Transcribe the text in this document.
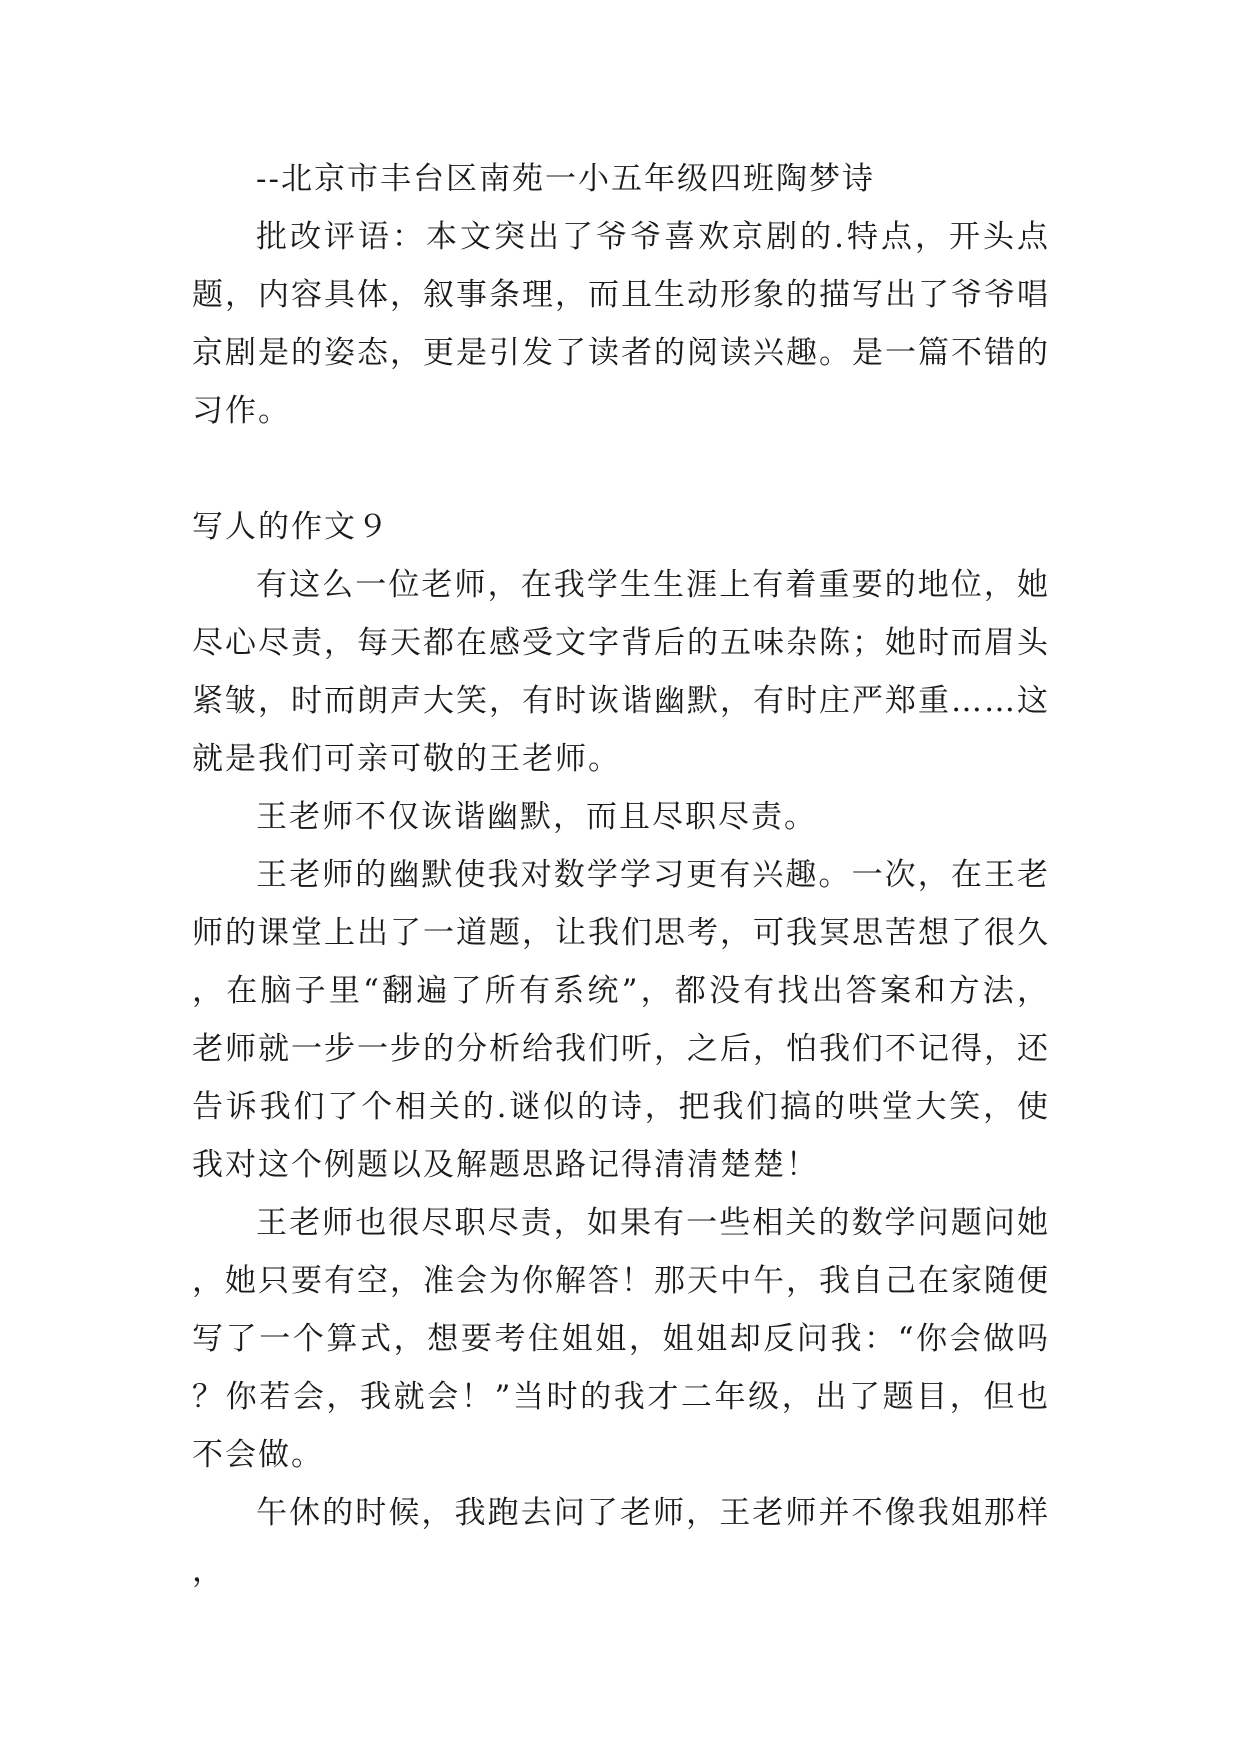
--北京市丰台区南苑一小五年级四班陶梦诗

批改评语：本文突出了爷爷喜欢京剧的.特点，开头点题，内容具体，叙事条理，而且生动形象的描写出了爷爷唱京剧是的姿态，更是引发了读者的阅读兴趣。是一篇不错的习作。

写人的作文９

有这么一位老师，在我学生生涯上有着重要的地位，她尽心尽责，每天都在感受文字背后的五味杂陈；她时而眉头紧皱，时而朗声大笑，有时诙谐幽默，有时庄严郑重……这就是我们可亲可敬的王老师。

王老师不仅诙谐幽默，而且尽职尽责。

王老师的幽默使我对数学学习更有兴趣。一次，在王老师的课堂上出了一道题，让我们思考，可我冥思苦想了很久，在脑子里“翻遍了所有系统”，都没有找出答案和方法，老师就一步一步的分析给我们听，之后，怕我们不记得，还告诉我们了个相关的.谜似的诗，把我们搞的哄堂大笑，使我对这个例题以及解题思路记得清清楚楚！

王老师也很尽职尽责，如果有一些相关的数学问题问她，她只要有空，准会为你解答！那天中午，我自己在家随便写了一个算式，想要考住姐姐，姐姐却反问我：“你会做吗？你若会，我就会！”当时的我才二年级，出了题目，但也不会做。

午休的时候，我跑去问了老师，王老师并不像我姐那样，
